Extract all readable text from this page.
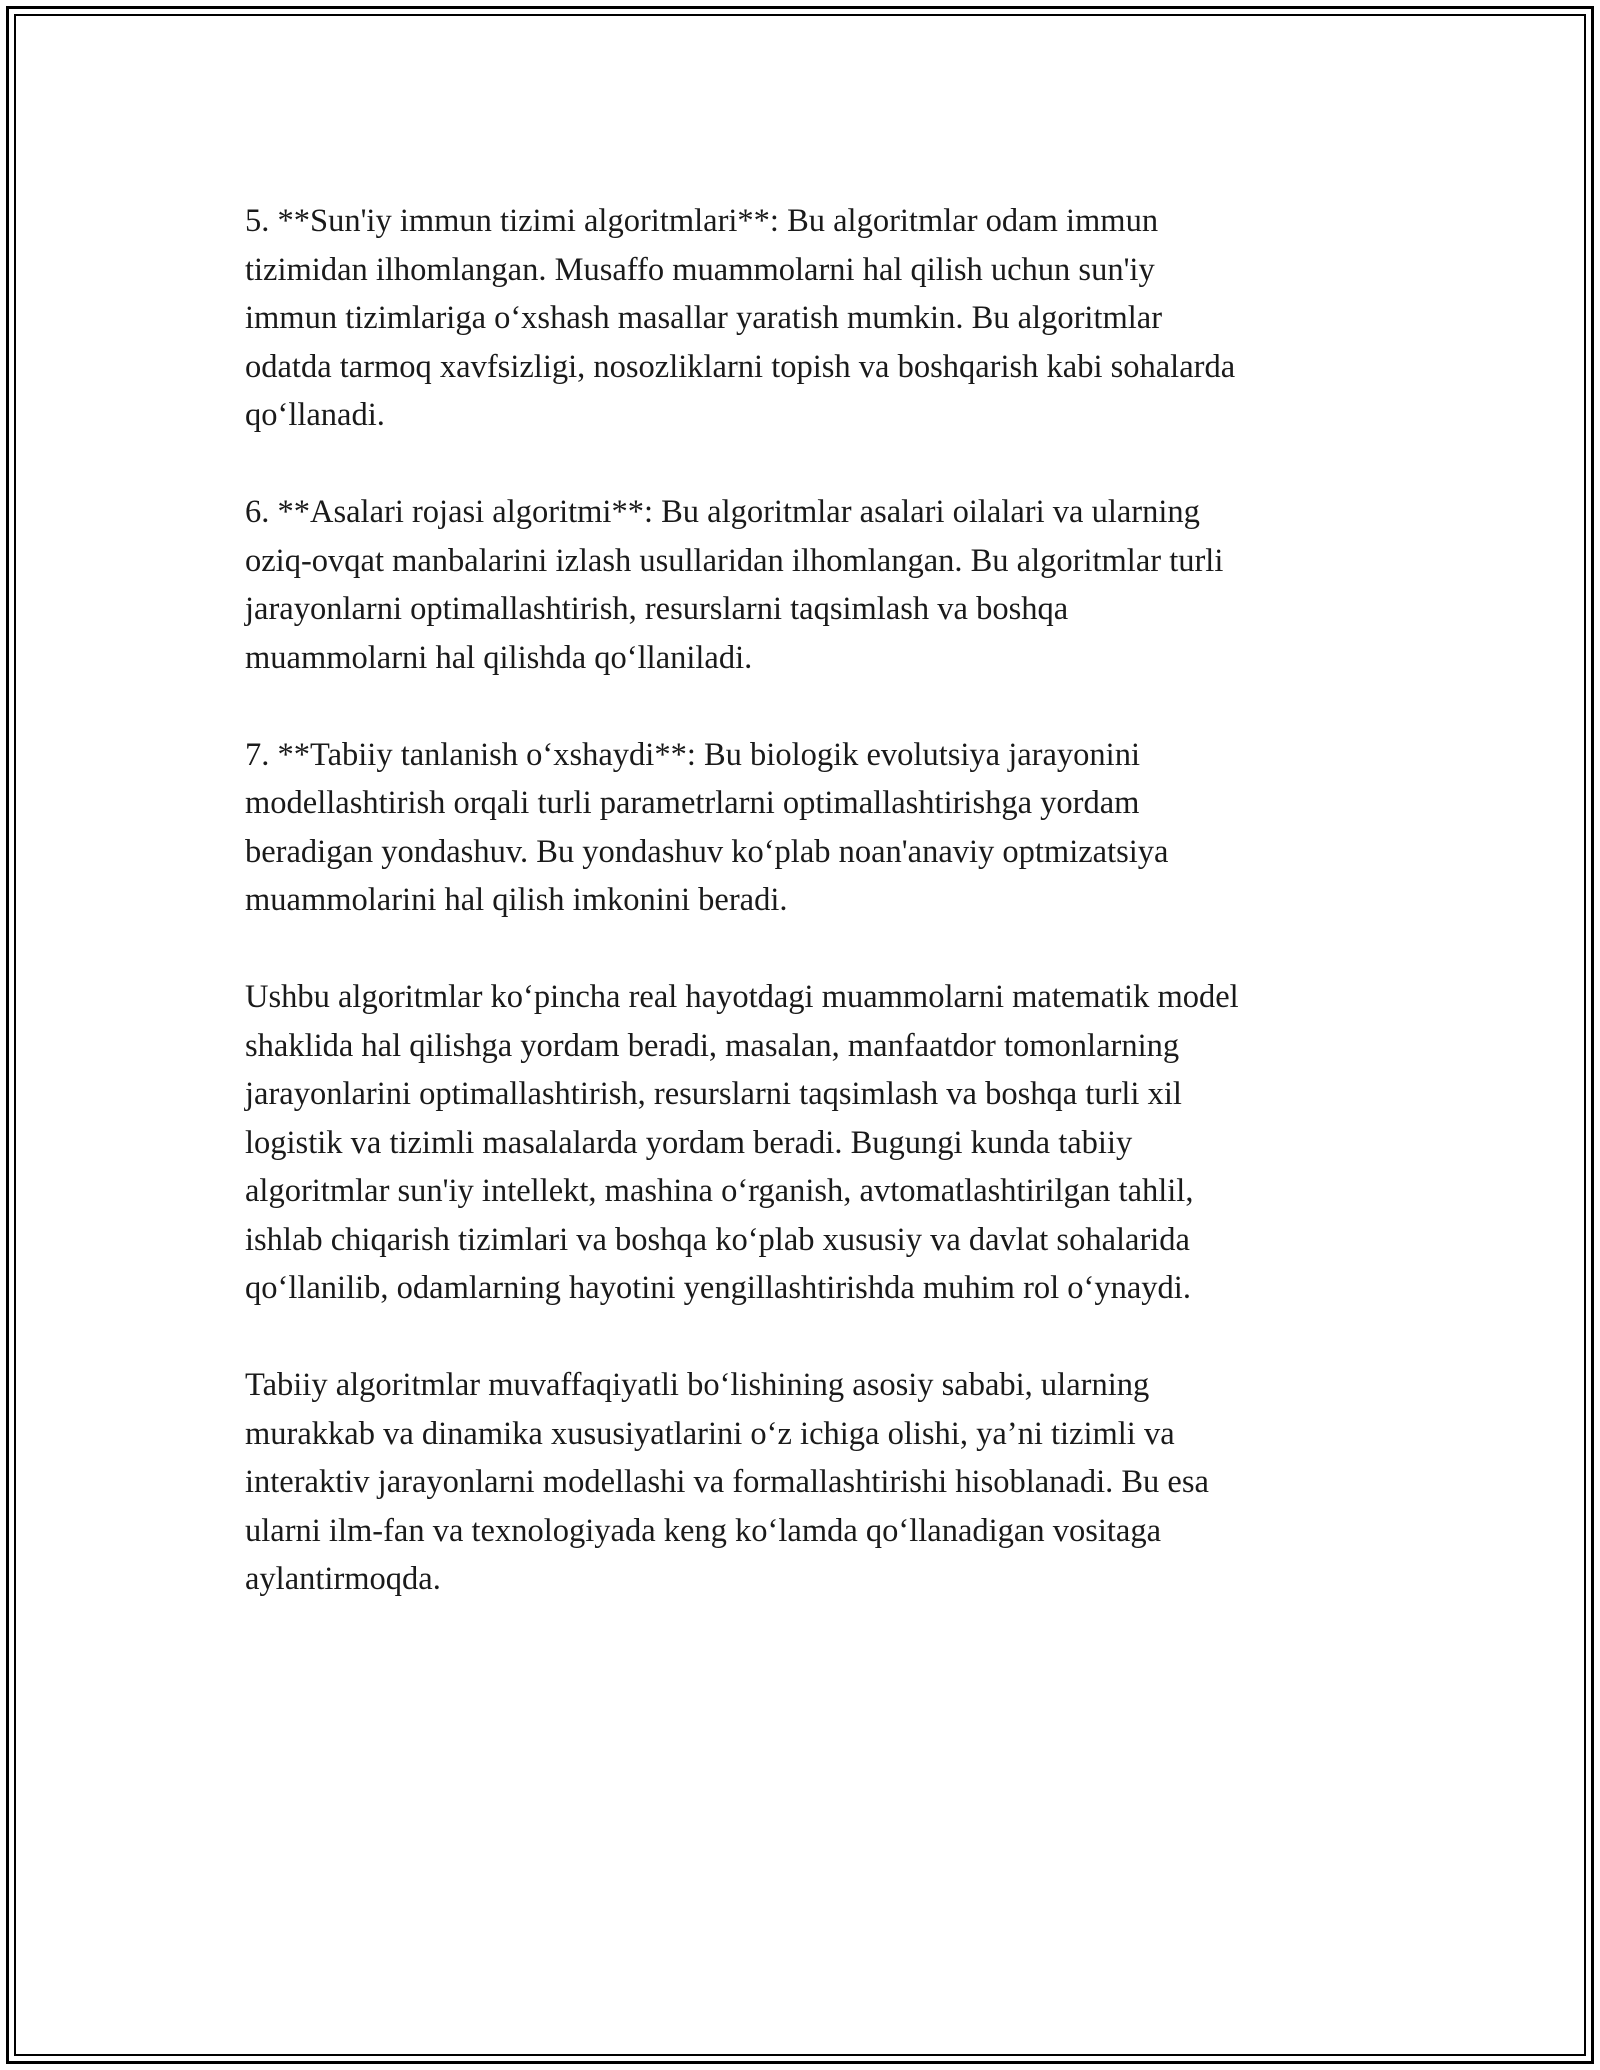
5. **Sun'iy immun tizimi algoritmlari**: Bu algoritmlar odam immun
tizimidan ilhomlangan. Musaffo muammolarni hal qilish uchun sun'iy
immun tizimlariga o‘xshash masallar yaratish mumkin. Bu algoritmlar
odatda tarmoq xavfsizligi, nosozliklarni topish va boshqarish kabi sohalarda
qo‘llanadi.

6. **Asalari rojasi algoritmi**: Bu algoritmlar asalari oilalari va ularning
oziq-ovqat manbalarini izlash usullaridan ilhomlangan. Bu algoritmlar turli
jarayonlarni optimallashtirish, resurslarni taqsimlash va boshqa
muammolarni hal qilishda qo‘llaniladi.

7. **Tabiiy tanlanish o‘xshaydi**: Bu biologik evolutsiya jarayonini
modellashtirish orqali turli parametrlarni optimallashtirishga yordam
beradigan yondashuv. Bu yondashuv ko‘plab noan'anaviy optmizatsiya
muammolarini hal qilish imkonini beradi.

Ushbu algoritmlar ko‘pincha real hayotdagi muammolarni matematik model
shaklida hal qilishga yordam beradi, masalan, manfaatdor tomonlarning
jarayonlarini optimallashtirish, resurslarni taqsimlash va boshqa turli xil
logistik va tizimli masalalarda yordam beradi. Bugungi kunda tabiiy
algoritmlar sun'iy intellekt, mashina o‘rganish, avtomatlashtirilgan tahlil,
ishlab chiqarish tizimlari va boshqa ko‘plab xususiy va davlat sohalarida
qo‘llanilib, odamlarning hayotini yengillashtirishda muhim rol o‘ynaydi.

Tabiiy algoritmlar muvaffaqiyatli bo‘lishining asosiy sababi, ularning
murakkab va dinamika xususiyatlarini o‘z ichiga olishi, ya’ni tizimli va
interaktiv jarayonlarni modellashi va formallashtirishi hisoblanadi. Bu esa
ularni ilm-fan va texnologiyada keng ko‘lamda qo‘llanadigan vositaga
aylantirmoqda.
